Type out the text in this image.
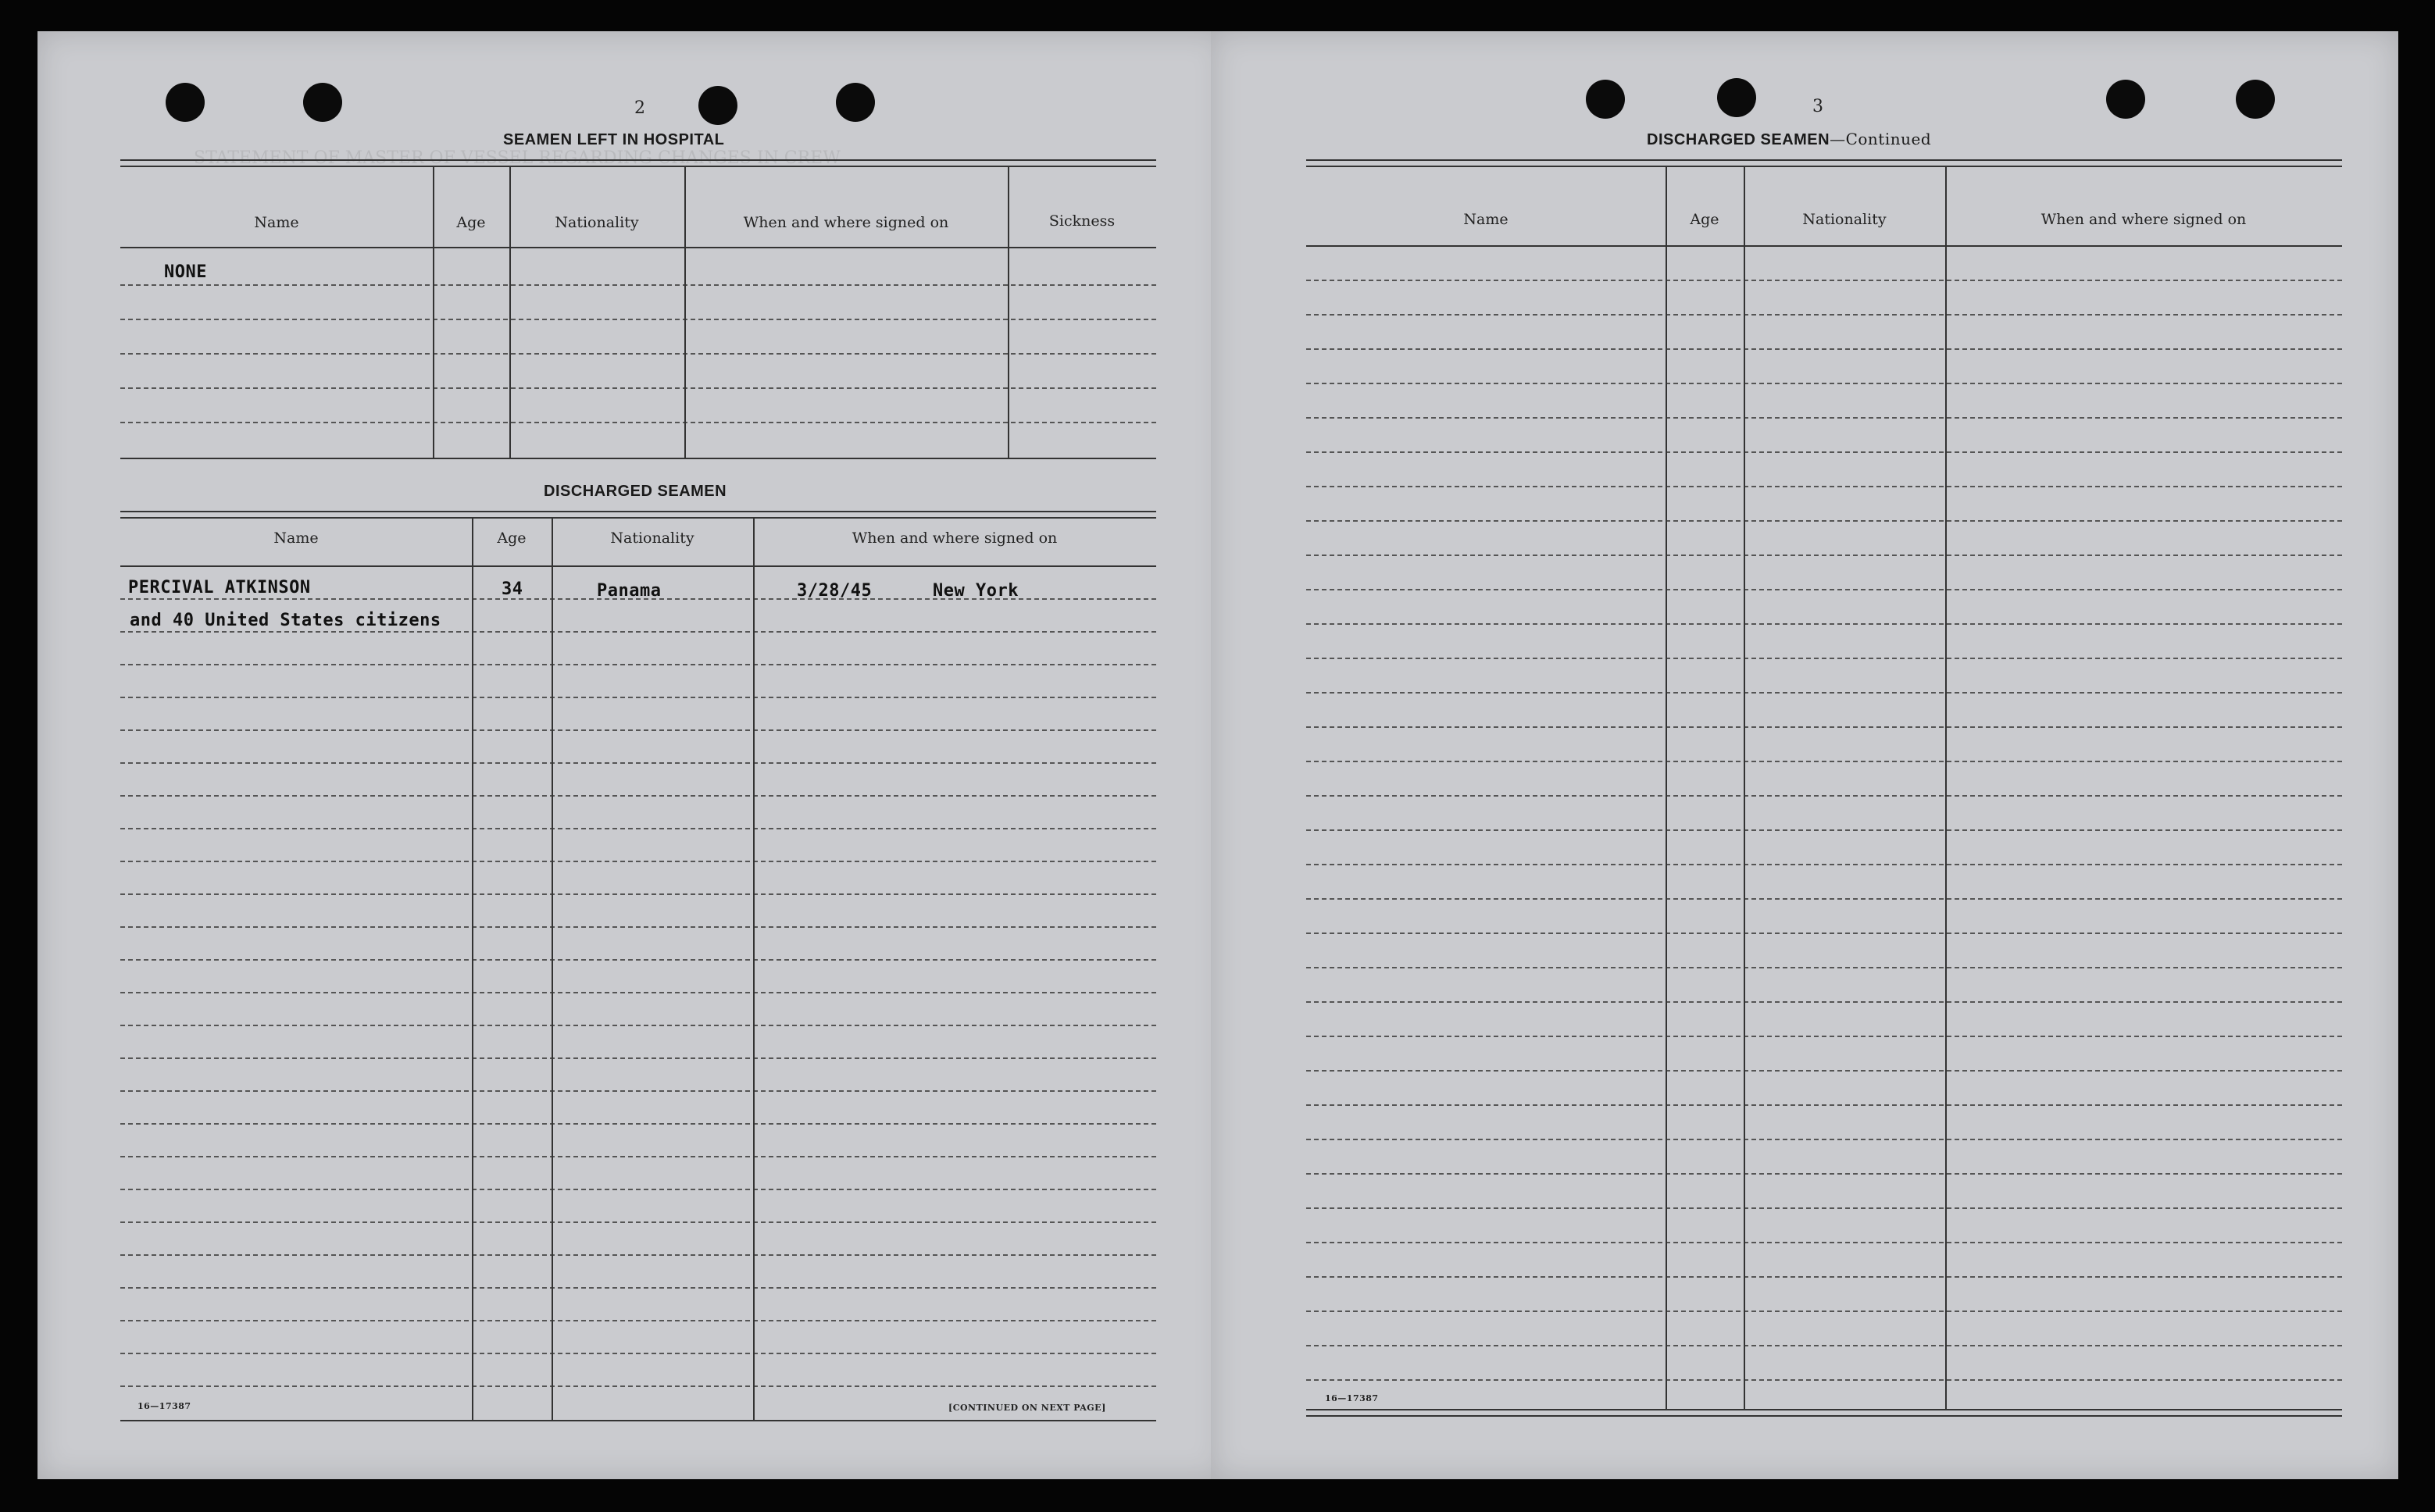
STATEMENT OF MASTER OF VESSEL REGARDING CHANGES IN CREW
2
SEAMEN LEFT IN HOSPITAL
Name	Age	Nationality	When and where signed on	Sickness
NONE
DISCHARGED SEAMEN
Name	Age	Nationality	When and where signed on
PERCIVAL ATKINSON	34	Panama	3/28/45	New York
and 40 United States citizens
16—17387	[CONTINUED ON NEXT PAGE]
3
DISCHARGED SEAMEN—Continued
Name	Age	Nationality	When and where signed on
16—17387
